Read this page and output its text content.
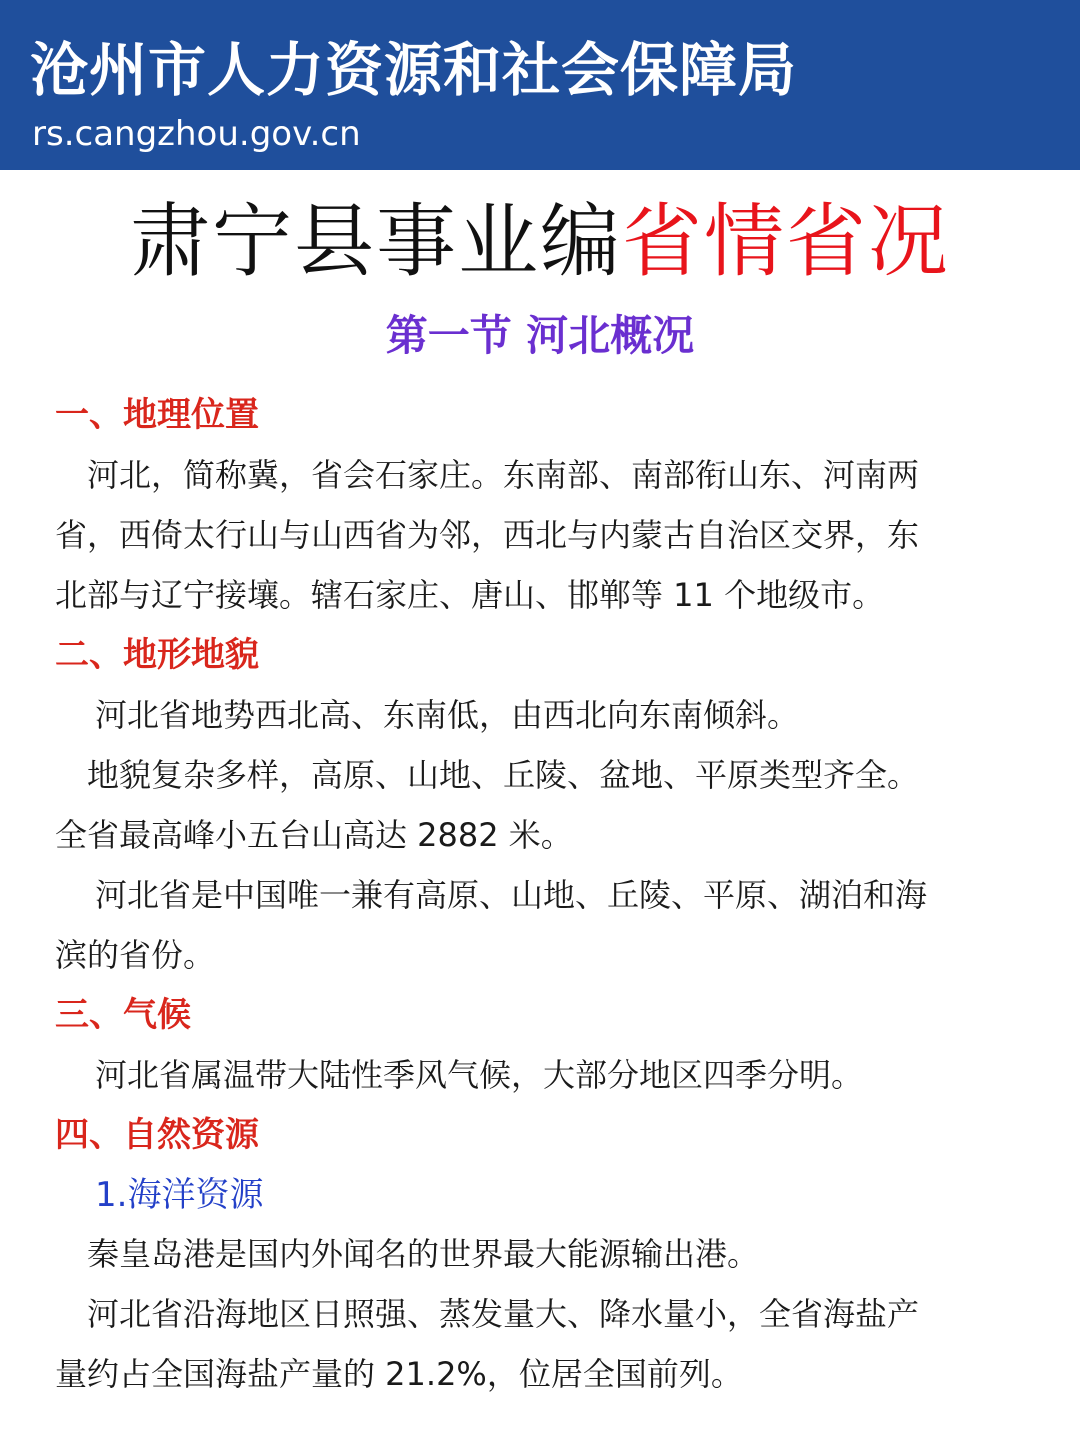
沧州市人力资源和社会保障局
rs.cangzhou.gov.cn
肃宁县事业编省情省况
第一节 河北概况
一、地理位置
河北，简称冀，省会石家庄。东南部、南部衔山东、河南两
省，西倚太行山与山西省为邻，西北与内蒙古自治区交界，东
北部与辽宁接壤。辖石家庄、唐山、邯郸等 11 个地级市。
二、地形地貌
河北省地势西北高、东南低，由西北向东南倾斜。
地貌复杂多样，高原、山地、丘陵、盆地、平原类型齐全。
全省最高峰小五台山高达 2882 米。
河北省是中国唯一兼有高原、山地、丘陵、平原、湖泊和海
滨的省份。
三、气候
河北省属温带大陆性季风气候，大部分地区四季分明。
四、自然资源
1.海洋资源
秦皇岛港是国内外闻名的世界最大能源输出港。
河北省沿海地区日照强、蒸发量大、降水量小，全省海盐产
量约占全国海盐产量的 21.2%，位居全国前列。
